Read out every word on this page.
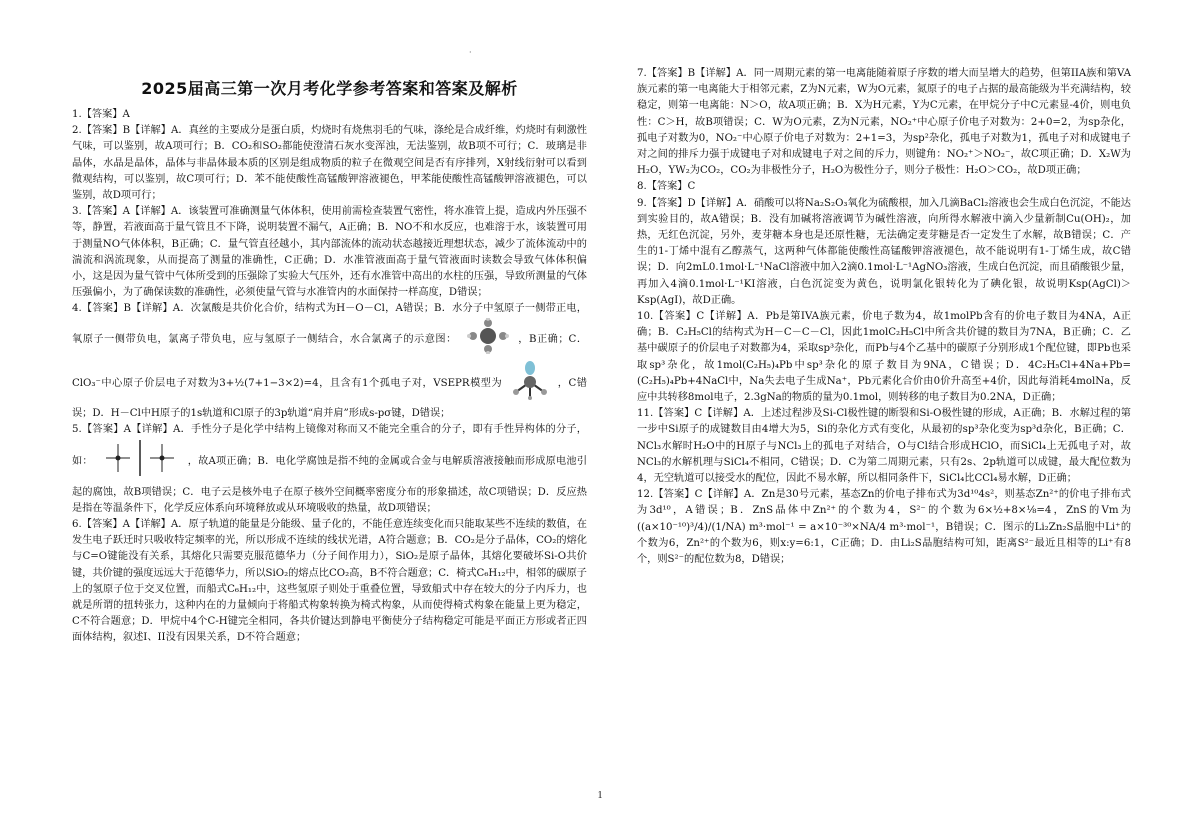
·
2025届高三第一次月考化学参考答案和答案及解析
1.【答案】A
2.【答案】B【详解】A．真丝的主要成分是蛋白质，灼烧时有烧焦羽毛的气味，涤纶是合成纤维，灼烧时有刺激性气味，可以鉴别，故A项可行；B．CO₂和SO₂都能使澄清石灰水变浑浊，无法鉴别，故B项不可行；C．玻璃是非晶体，水晶是晶体，晶体与非晶体最本质的区别是组成物质的粒子在微观空间是否有序排列，X射线衍射可以看到微观结构，可以鉴别，故C项可行；D．苯不能使酸性高锰酸钾溶液褪色，甲苯能使酸性高锰酸钾溶液褪色，可以鉴别，故D项可行；
3.【答案】A【详解】A．该装置可准确测量气体体积，使用前需检查装置气密性，将水准管上提，造成内外压强不等，静置，若液面高于量气管且不下降，说明装置不漏气，A正确；B．NO不和水反应，也难溶于水，该装置可用于测量NO气体体积，B正确；C．量气管直径越小，其内部流体的流动状态越接近理想状态，减少了流体流动中的湍流和涡流现象，从而提高了测量的准确性，C正确；D．水准管液面高于量气管液面时读数会导致气体体积偏小，这是因为量气管中气体所受到的压强除了实验大气压外，还有水准管中高出的水柱的压强，导致所测量的气体压强偏小，为了确保读数的准确性，必须使量气管与水准管内的水面保持一样高度，D错误；
4.【答案】B【详解】A．次氯酸是共价化合价，结构式为H－O－Cl，A错误；B．水分子中氢原子一侧带正电，氧原子一侧带负电，氯离子带负电，应与氢原子一侧结合，水合氯离子的示意图：	，B正确；C．ClO₃⁻中心原子价层电子对数为3+½(7+1−3×2)=4，且含有1个孤电子对，VSEPR模型为	，C错误；D．H－Cl中H原子的1s轨道和Cl原子的3p轨道“肩并肩”形成s-pσ键，D错误；
5.【答案】A【详解】A．手性分子是化学中结构上镜像对称而又不能完全重合的分子，即有手性异构体的分子，如：	，故A项正确；B．电化学腐蚀是指不纯的金属或合金与电解质溶液接触而形成原电池引起的腐蚀，故B项错误；C．电子云是核外电子在原子核外空间概率密度分布的形象描述，故C项错误；D．反应热是指在等温条件下，化学反应体系向环境释放或从环境吸收的热量，故D项错误；
6.【答案】A【详解】A．原子轨道的能量是分能级、量子化的，不能任意连续变化而只能取某些不连续的数值，在发生电子跃迁时只吸收特定频率的光，所以形成不连续的线状光谱，A符合题意；B．CO₂是分子晶体，CO₂的熔化与C=O键能没有关系，其熔化只需要克服范德华力（分子间作用力），SiO₂是原子晶体，其熔化要破坏Si-O共价键，共价键的强度远远大于范德华力，所以SiO₂的熔点比CO₂高，B不符合题意；C．椅式C₆H₁₂中，相邻的碳原子上的氢原子位于交叉位置，而船式C₆H₁₂中，这些氢原子则处于重叠位置，导致船式中存在较大的分子内斥力，也就是所谓的扭转张力，这种内在的力量倾向于将船式构象转换为椅式构象，从而使得椅式构象在能量上更为稳定，C不符合题意；D．甲烷中4个C-H键完全相同，各共价键达到静电平衡使分子结构稳定可能是平面正方形或者正四面体结构，叙述I、II没有因果关系，D不符合题意；
7.【答案】B【详解】A．同一周期元素的第一电离能随着原子序数的增大而呈增大的趋势，但第IIA族和第VA族元素的第一电离能大于相邻元素，Z为N元素，W为O元素，氮原子的电子占据的最高能级为半充满结构，较稳定，则第一电离能：N＞O，故A项正确；B．X为H元素，Y为C元素，在甲烷分子中C元素显-4价，则电负性：C＞H，故B项错误；C．W为O元素，Z为N元素，NO₂⁺中心原子价电子对数为：2+0=2，为sp杂化，孤电子对数为0，NO₂⁻中心原子价电子对数为：2+1=3，为sp²杂化，孤电子对数为1，孤电子对和成键电子对之间的排斥力强于成键电子对和成键电子对之间的斥力，则键角：NO₂⁺＞NO₂⁻，故C项正确；D．X₂W为H₂O，YW₂为CO₂，CO₂为非极性分子，H₂O为极性分子，则分子极性：H₂O＞CO₂，故D项正确；
8.【答案】C
9.【答案】D【详解】A．硝酸可以将Na₂S₂O₃氧化为硫酸根，加入几滴BaCl₂溶液也会生成白色沉淀，不能达到实验目的，故A错误；B．没有加碱将溶液调节为碱性溶液，向所得水解液中滴入少量新制Cu(OH)₂，加热，无红色沉淀，另外，麦芽糖本身也是还原性糖，无法确定麦芽糖是否一定发生了水解，故B错误；C．产生的1-丁烯中混有乙醇蒸气，这两种气体都能使酸性高锰酸钾溶液褪色，故不能说明有1-丁烯生成，故C错误；D．向2mL0.1mol·L⁻¹NaCl溶液中加入2滴0.1mol·L⁻¹AgNO₃溶液，生成白色沉淀，而且硝酸银少量，再加入4滴0.1mol·L⁻¹KI溶液，白色沉淀变为黄色，说明氯化银转化为了碘化银，故说明Ksp(AgCl)＞Ksp(AgI)，故D正确。
10.【答案】C【详解】A．Pb是第IVA族元素，价电子数为4，故1molPb含有的价电子数目为4NA，A正确；B．C₂H₅Cl的结构式为H－C－C－Cl，因此1molC₂H₅Cl中所含共价键的数目为7NA，B正确；C．乙基中碳原子的价层电子对数都为4，采取sp³杂化，而Pb与4个乙基中的碳原子分别形成1个配位键，即Pb也采取sp³杂化，故1mol(C₂H₅)₄Pb中sp³杂化的原子数目为9NA，C错误；D．4C₂H₅Cl+4Na+Pb=(C₂H₅)₄Pb+4NaCl中，Na失去电子生成Na⁺，Pb元素化合价由0价升高至+4价，因此每消耗4molNa，反应中共转移8mol电子，2.3gNa的物质的量为0.1mol，则转移的电子数目为0.2NA，D正确；
11.【答案】C【详解】A．上述过程涉及Si-Cl极性键的断裂和Si-O极性键的形成，A正确；B．水解过程的第一步中Si原子的成键数目由4增大为5，Si的杂化方式有变化，从最初的sp³杂化变为sp³d杂化，B正确；C．NCl₃水解时H₂O中的H原子与NCl₃上的孤电子对结合，O与Cl结合形成HClO，而SiCl₄上无孤电子对，故NCl₃的水解机理与SiCl₄不相同，C错误；D．C为第二周期元素，只有2s、2p轨道可以成键，最大配位数为4，无空轨道可以接受水的配位，因此不易水解，所以相同条件下，SiCl₄比CCl₄易水解，D正确；
12.【答案】C【详解】A．Zn是30号元素，基态Zn的价电子排布式为3d¹⁰4s²，则基态Zn²⁺的价电子排布式为3d¹⁰，A错误；B．ZnS晶体中Zn²⁺的个数为4，S²⁻的个数为6×½+8×⅛=4，ZnS的Vm为((a×10⁻¹⁰)³/4)/(1/NA) m³·mol⁻¹ = a×10⁻³⁰×NA/4 m³·mol⁻¹，B错误；C．图示的Li₂Zn₂S晶胞中Li⁺的个数为6，Zn²⁺的个数为6，则x:y=6:1，C正确；D．由Li₂S晶胞结构可知，距离S²⁻最近且相等的Li⁺有8个，则S²⁻的配位数为8，D错误；
1
